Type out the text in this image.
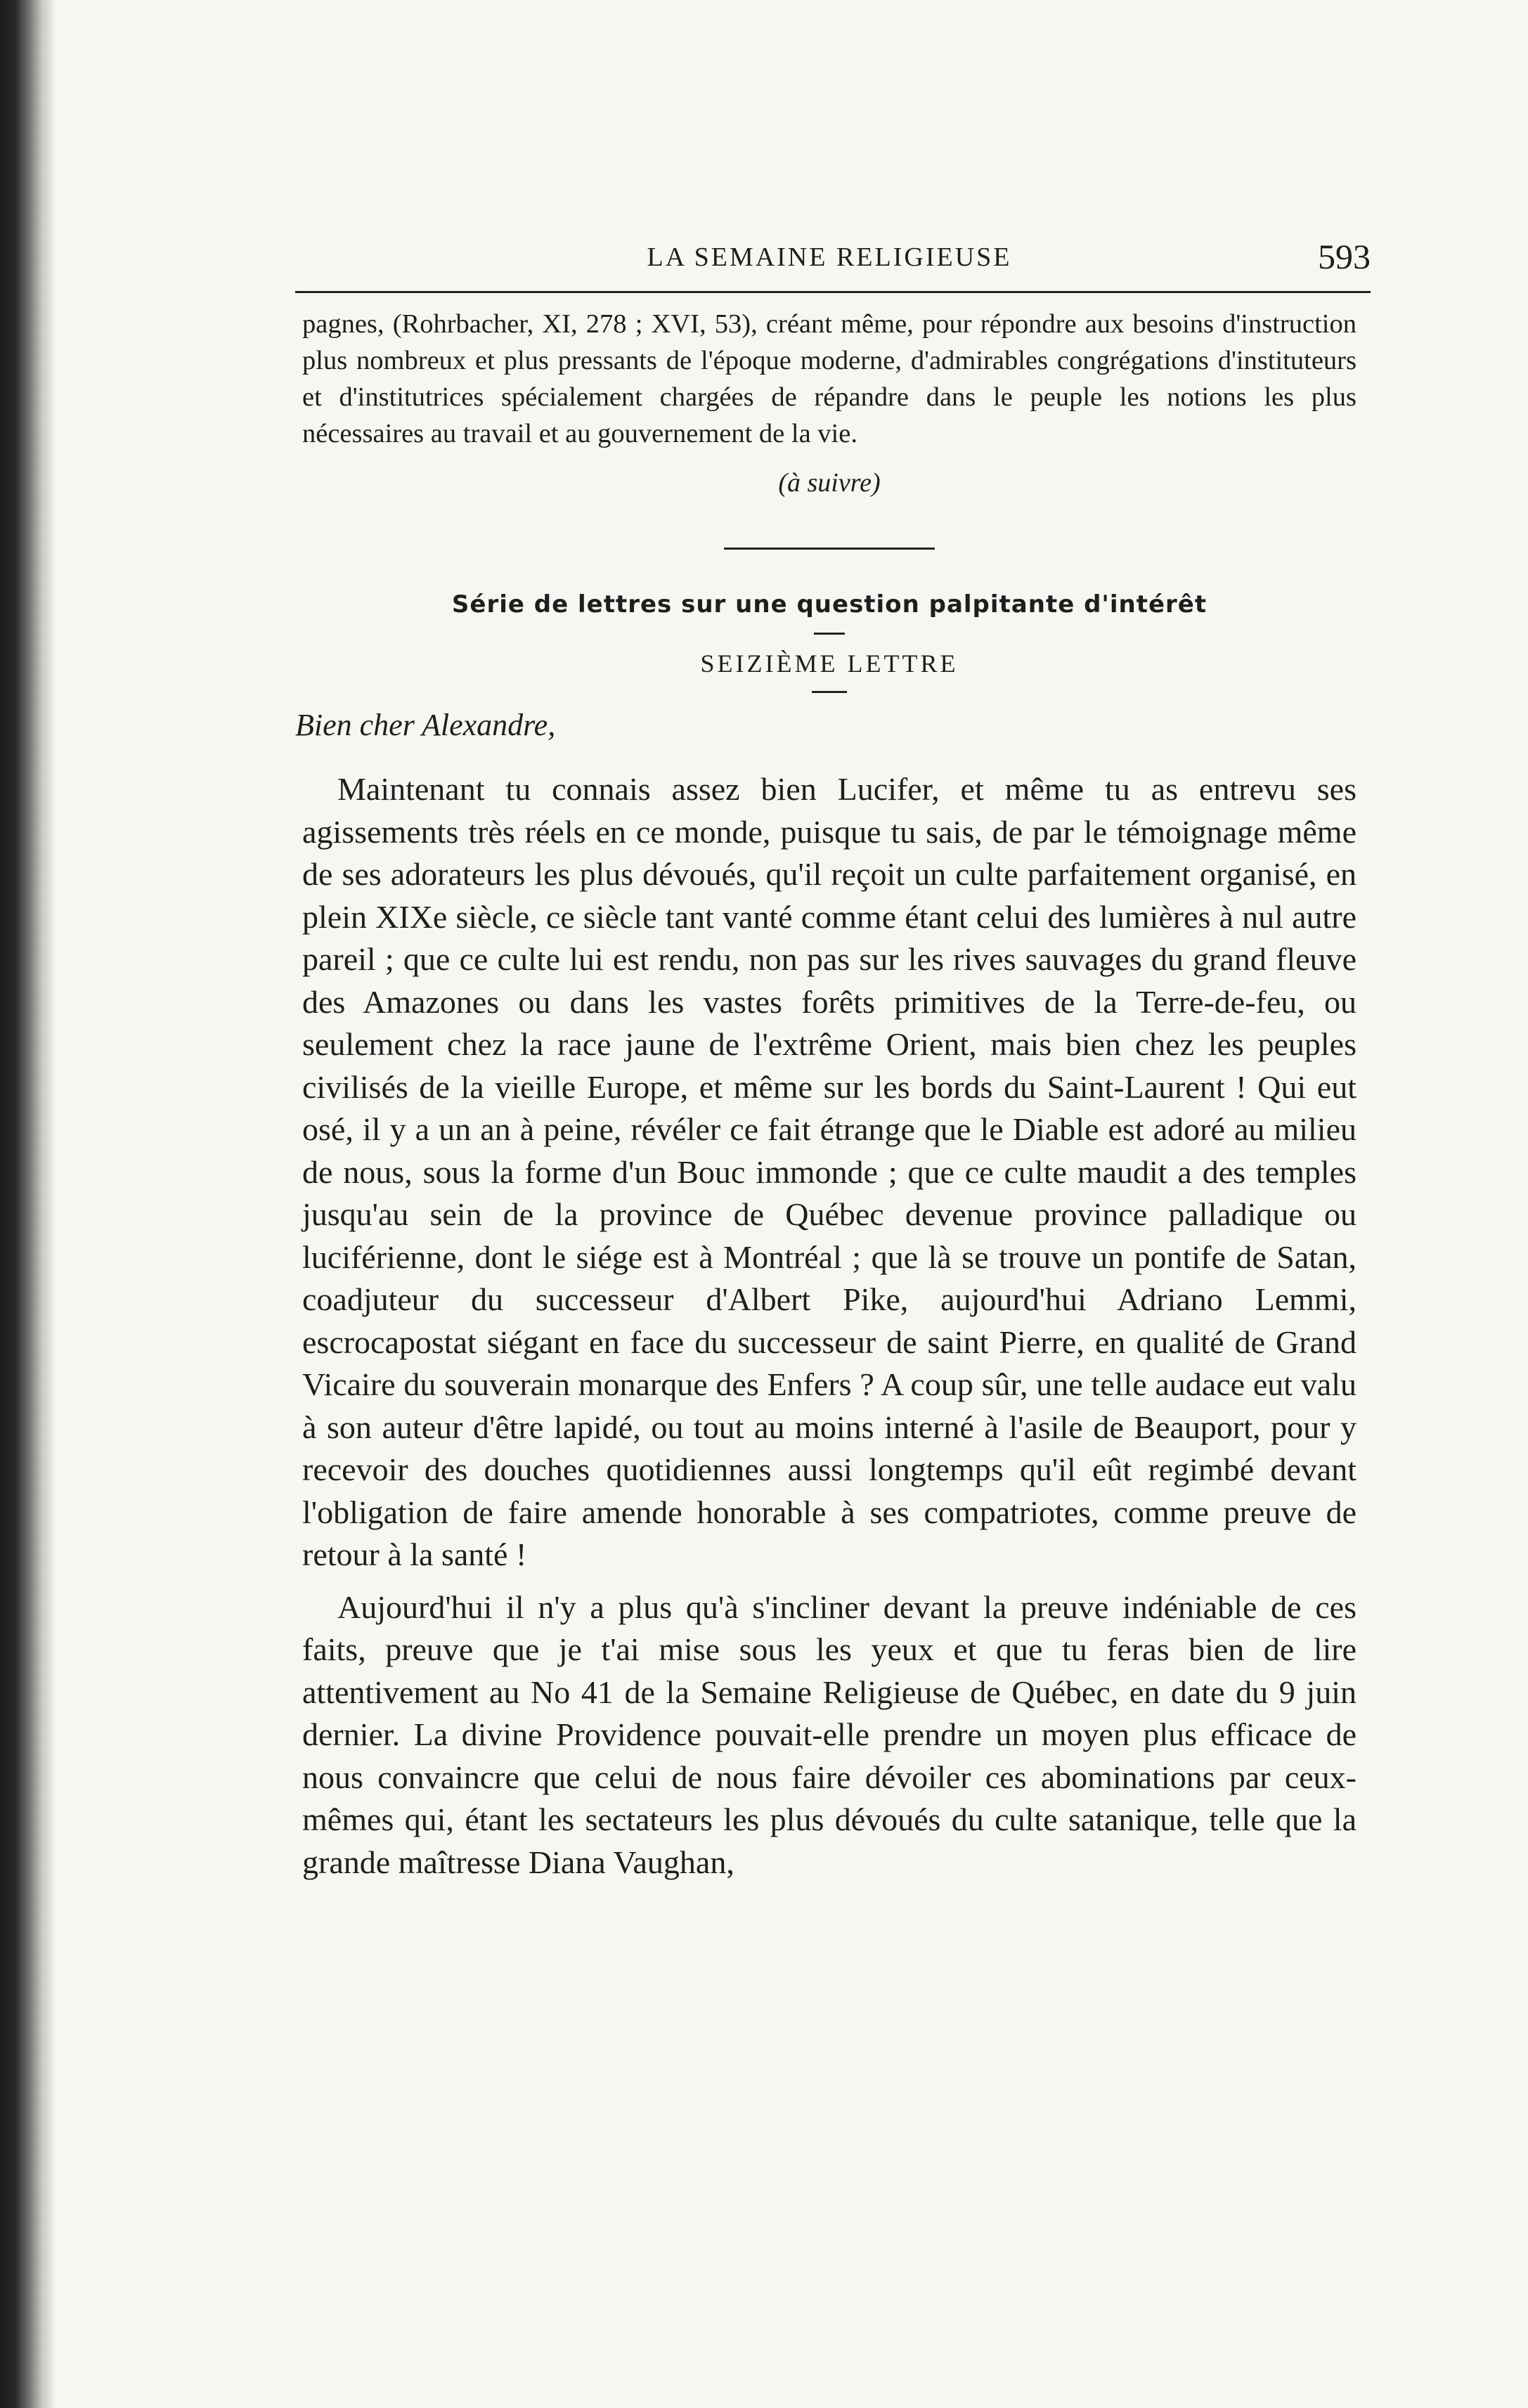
LA SEMAINE RELIGIEUSE	593

pagnes, (Rohrbacher, XI, 278 ; XVI, 53), créant même, pour répondre aux besoins d'instruction plus nombreux et plus pressants de l'époque moderne, d'admirables congrégations d'instituteurs et d'institutrices spécialement chargées de répandre dans le peuple les notions les plus nécessaires au travail et au gouvernement de la vie.

(à suivre)
Série de lettres sur une question palpitante d'intérêt
SEIZIÈME LETTRE
Bien cher Alexandre,

Maintenant tu connais assez bien Lucifer, et même tu as entrevu ses agissements très réels en ce monde, puisque tu sais, de par le témoignage même de ses adorateurs les plus dévoués, qu'il reçoit un culte parfaitement organisé, en plein XIXe siècle, ce siècle tant vanté comme étant celui des lumières à nul autre pareil ; que ce culte lui est rendu, non pas sur les rives sauvages du grand fleuve des Amazones ou dans les vastes forêts primitives de la Terre-de-feu, ou seulement chez la race jaune de l'extrême Orient, mais bien chez les peuples civilisés de la vieille Europe, et même sur les bords du Saint-Laurent ! Qui eut osé, il y a un an à peine, révéler ce fait étrange que le Diable est adoré au milieu de nous, sous la forme d'un Bouc immonde ; que ce culte maudit a des temples jusqu'au sein de la province de Québec devenue province palladique ou luciférienne, dont le siége est à Montréal ; que là se trouve un pontife de Satan, coadjuteur du successeur d'Albert Pike, aujourd'hui Adriano Lemmi, escrocapostat siégant en face du successeur de saint Pierre, en qualité de Grand Vicaire du souverain monarque des Enfers ? A coup sûr, une telle audace eut valu à son auteur d'être lapidé, ou tout au moins interné à l'asile de Beauport, pour y recevoir des douches quotidiennes aussi longtemps qu'il eût regimbé devant l'obligation de faire amende honorable à ses compatriotes, comme preuve de retour à la santé !

Aujourd'hui il n'y a plus qu'à s'incliner devant la preuve indéniable de ces faits, preuve que je t'ai mise sous les yeux et que tu feras bien de lire attentivement au No 41 de la Semaine Religieuse de Québec, en date du 9 juin dernier. La divine Providence pouvait-elle prendre un moyen plus efficace de nous convaincre que celui de nous faire dévoiler ces abominations par ceux-mêmes qui, étant les sectateurs les plus dévoués du culte satanique, telle que la grande maîtresse Diana Vaughan,
